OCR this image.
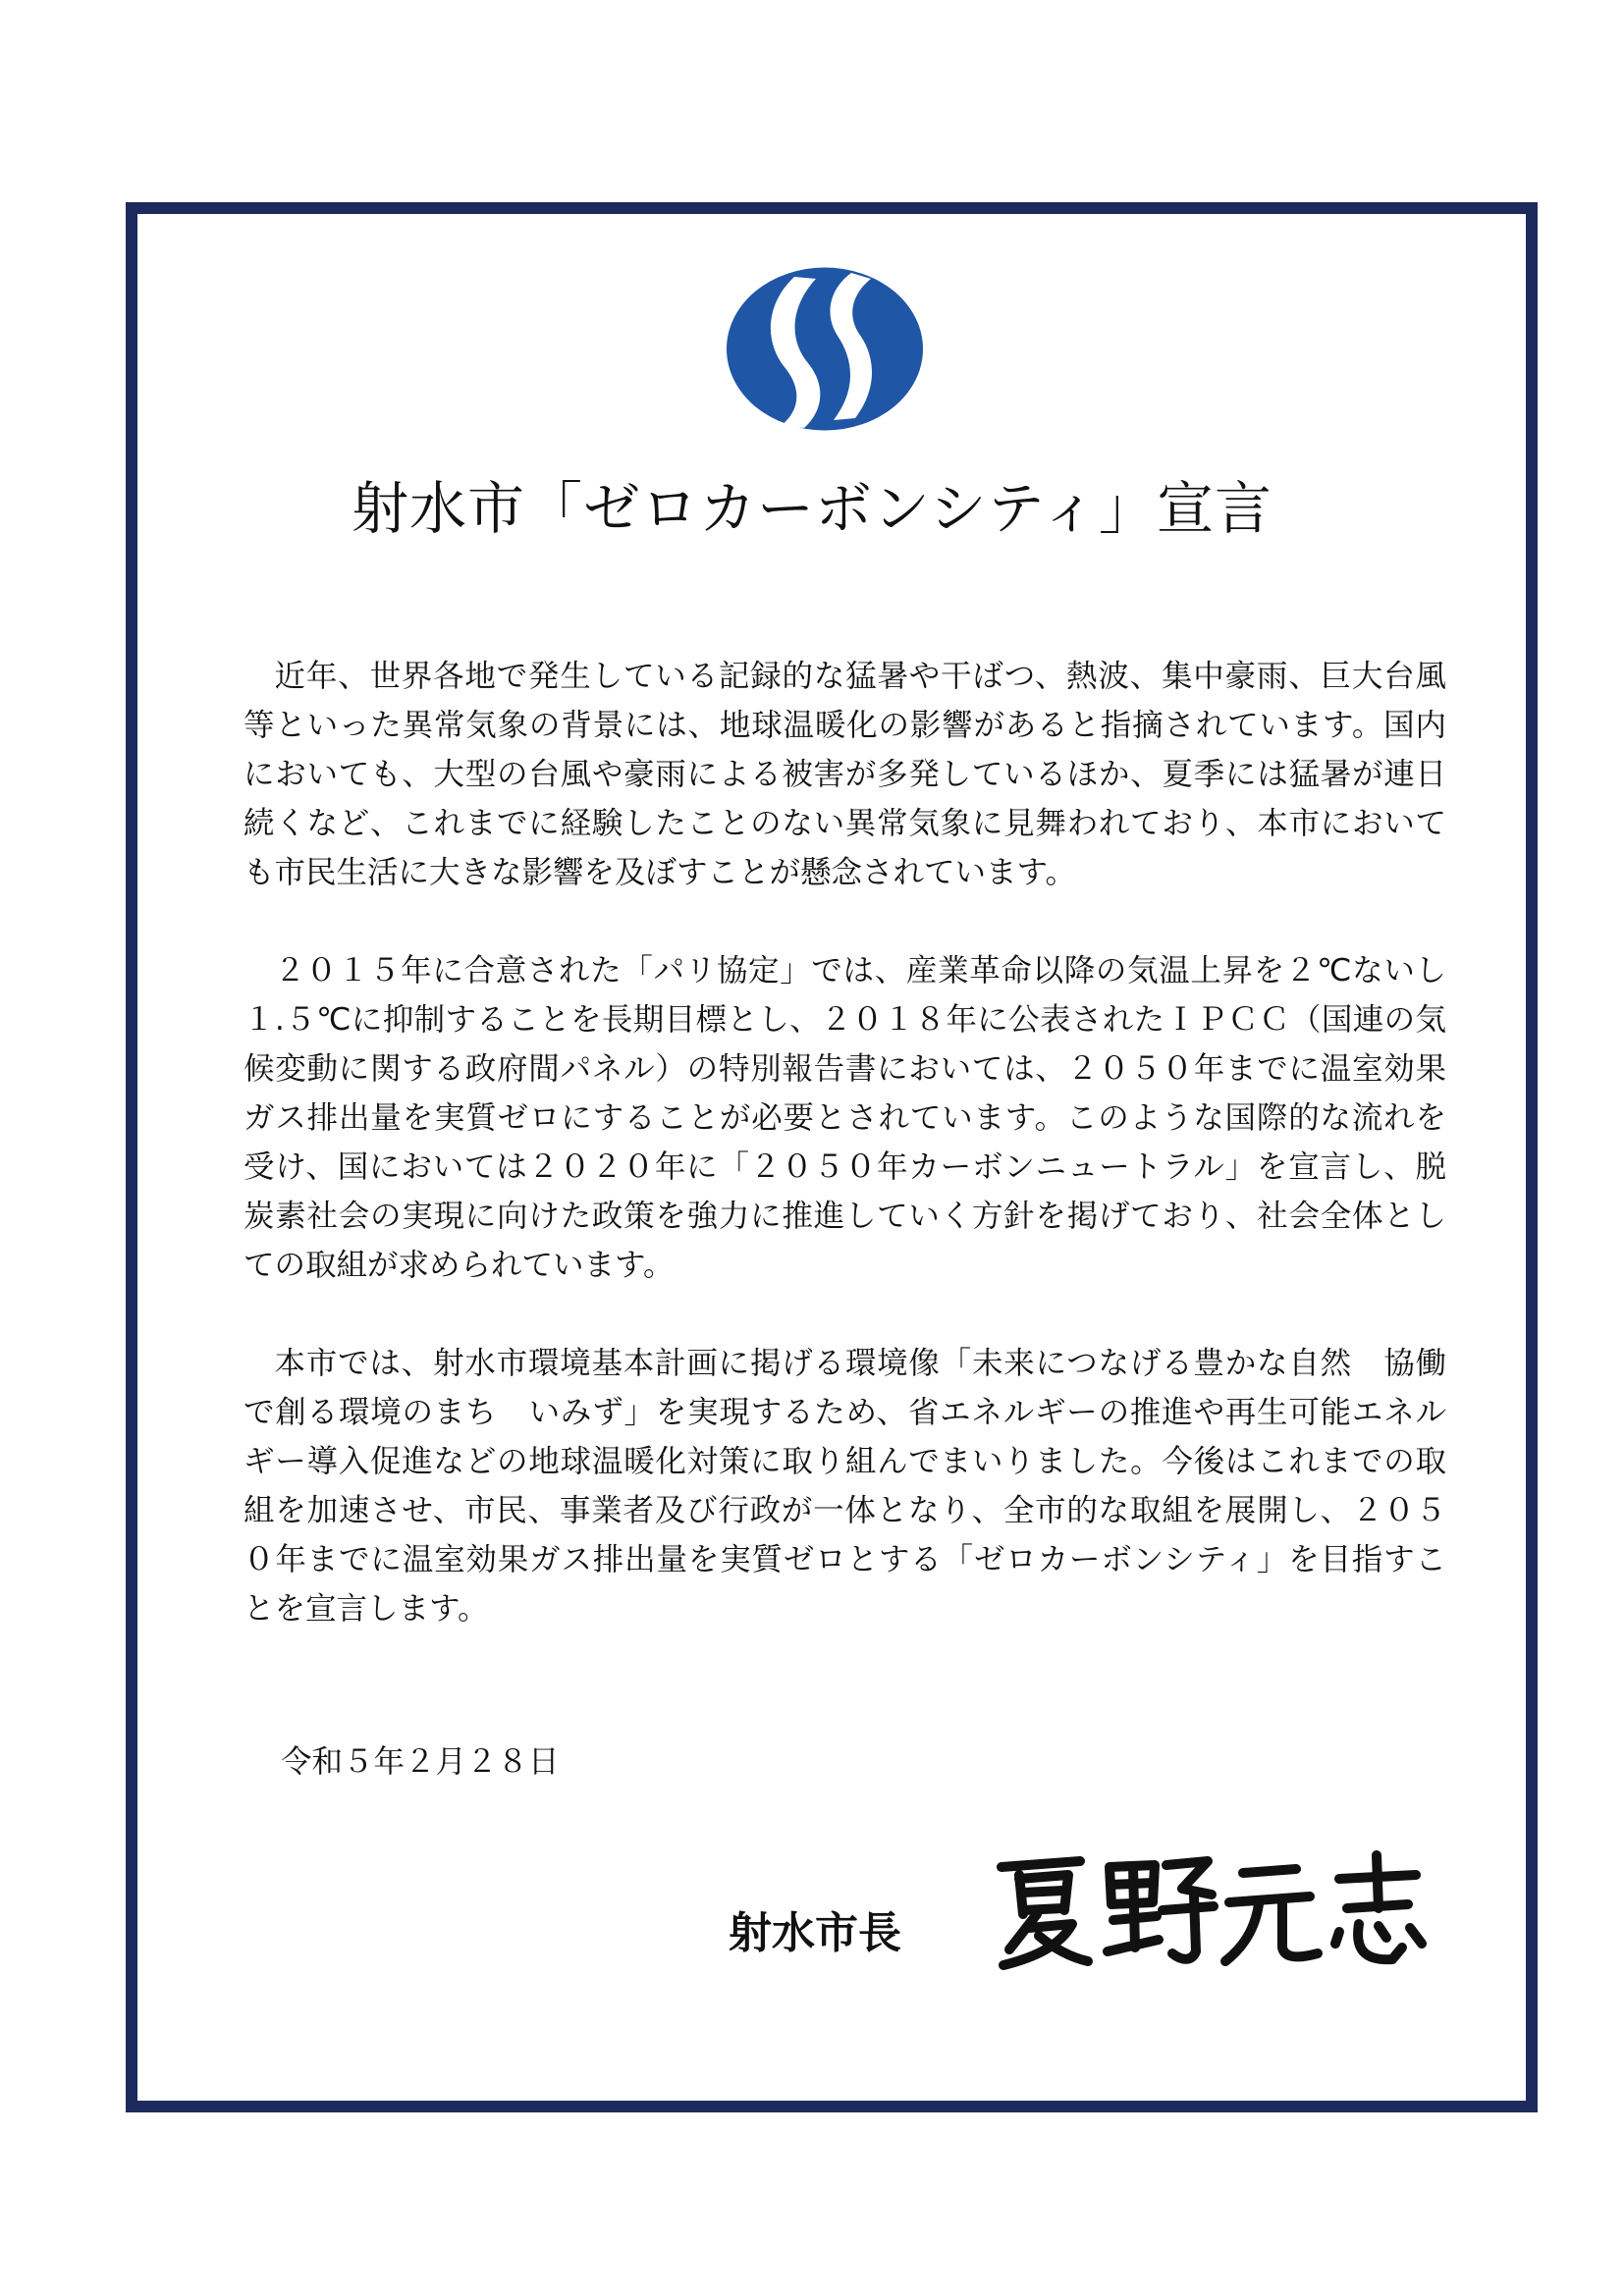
射水市「ゼロカーボンシティ」宣言

近年、世界各地で発生している記録的な猛暑や干ばつ、熱波、集中豪雨、巨大台風等といった異常気象の背景には、地球温暖化の影響があると指摘されています。国内においても、大型の台風や豪雨による被害が多発しているほか、夏季には猛暑が連日続くなど、これまでに経験したことのない異常気象に見舞われており、本市においても市民生活に大きな影響を及ぼすことが懸念されています。

２０１５年に合意された「パリ協定」では、産業革命以降の気温上昇を２℃ないし１.５℃に抑制することを長期目標とし、２０１８年に公表されたＩＰＣＣ（国連の気候変動に関する政府間パネル）の特別報告書においては、２０５０年までに温室効果ガス排出量を実質ゼロにすることが必要とされています。このような国際的な流れを受け、国においては２０２０年に「２０５０年カーボンニュートラル」を宣言し、脱炭素社会の実現に向けた政策を強力に推進していく方針を掲げており、社会全体としての取組が求められています。

本市では、射水市環境基本計画に掲げる環境像「未来につなげる豊かな自然　協働で創る環境のまち　いみず」を実現するため、省エネルギーの推進や再生可能エネルギー導入促進などの地球温暖化対策に取り組んでまいりました。今後はこれまでの取組を加速させ、市民、事業者及び行政が一体となり、全市的な取組を展開し、２０５０年までに温室効果ガス排出量を実質ゼロとする「ゼロカーボンシティ」を目指すことを宣言します。

令和５年２月２８日
射水市長
